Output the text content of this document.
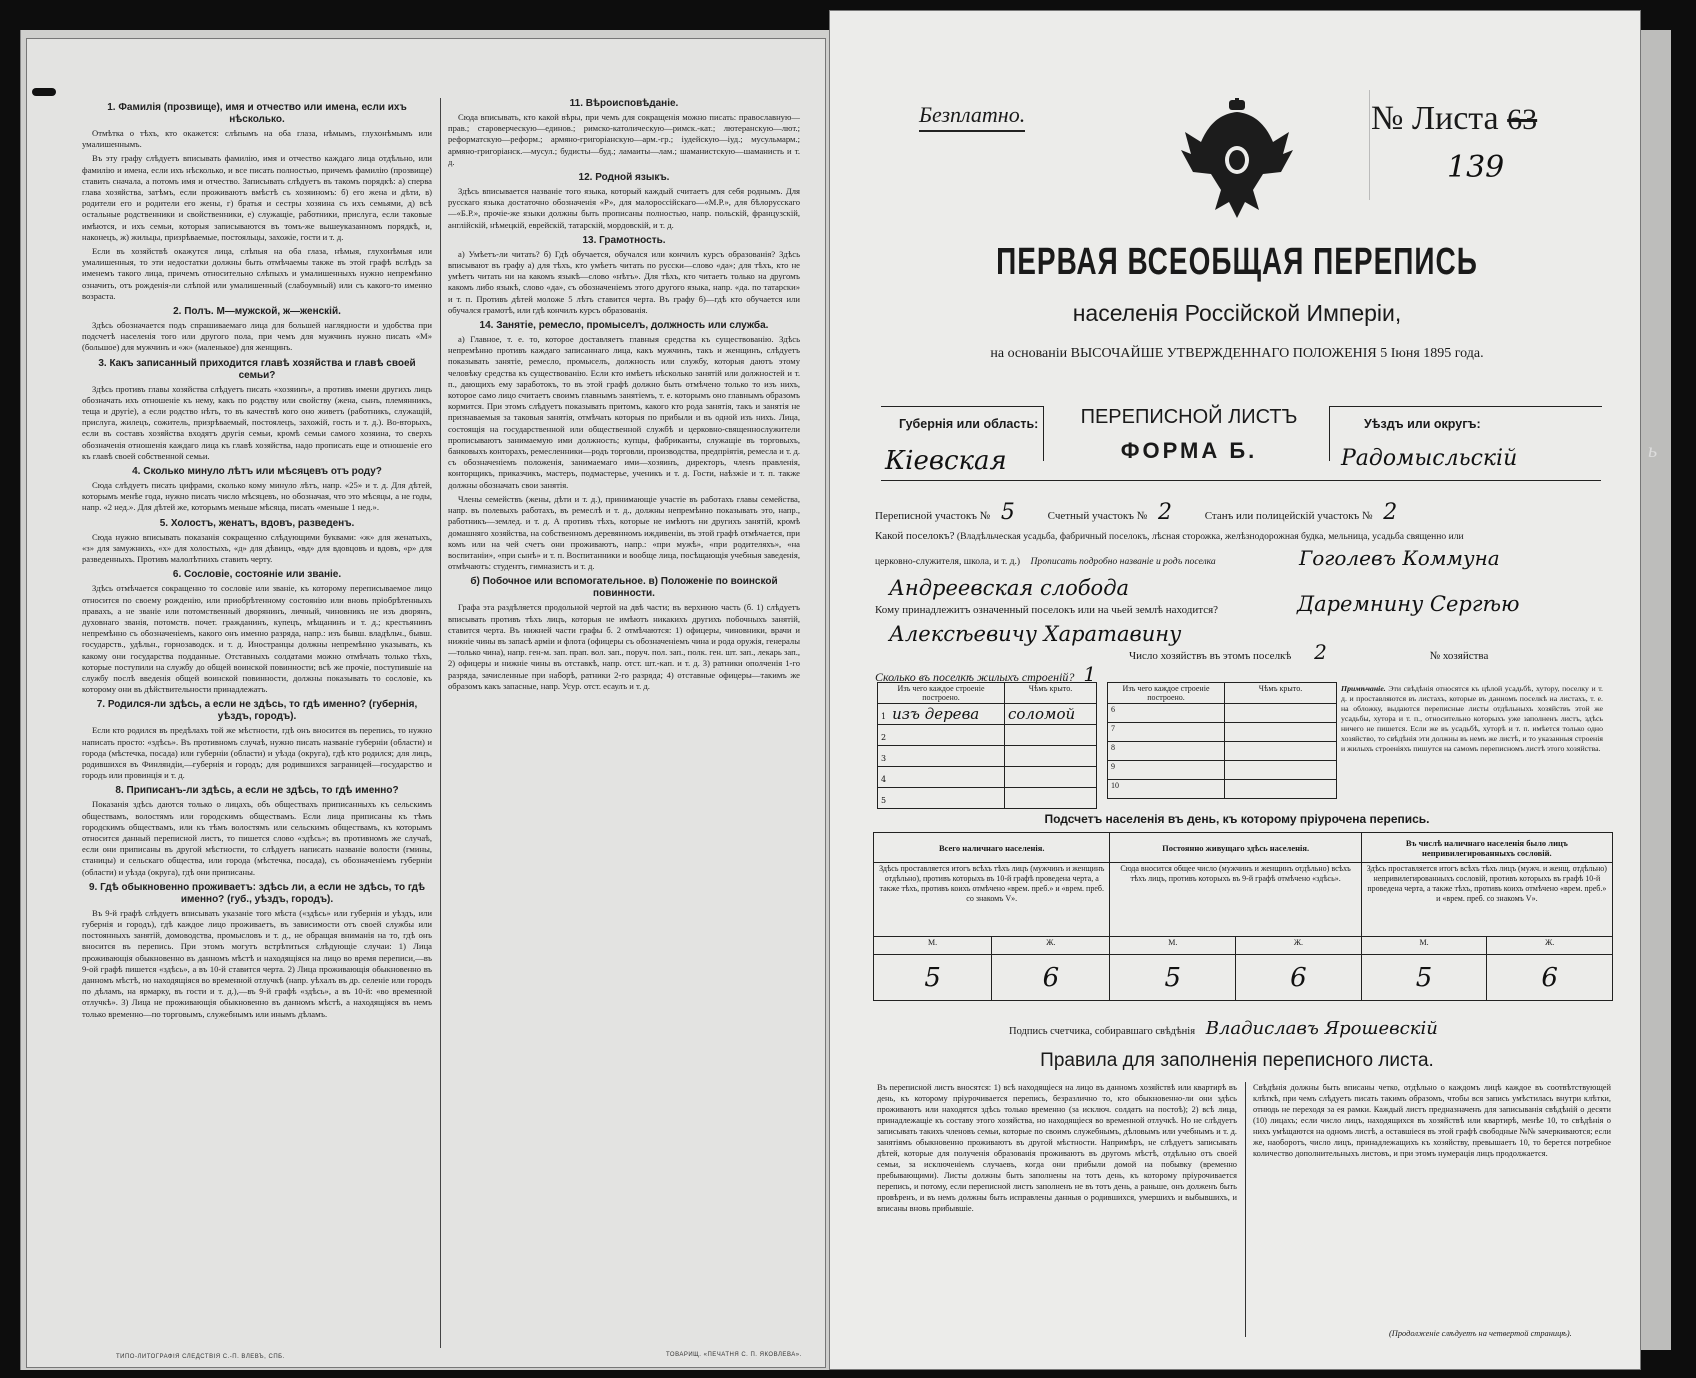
1. Фамилія (прозвище), имя и отчество или имена, если ихъ нѣсколько.

Отмѣтка о тѣхъ, кто окажется: слѣпымъ на оба глаза, нѣмымъ, глухонѣмымъ или умалишеннымъ.

Въ эту графу слѣдуетъ вписывать фамилію, имя и отчество каждаго лица отдѣльно, или фамилію и имена, если ихъ нѣсколько, и все писать полностью, причемъ фамилію (прозвище) ставить сначала, а потомъ имя и отчество. Записывать слѣдуетъ въ такомъ порядкѣ: а) сперва глава хозяйства, затѣмъ, если проживаютъ вмѣстѣ съ хозяиномъ: б) его жена и дѣти, в) родители его и родители его жены, г) братья и сестры хозяина съ ихъ семьями, д) всѣ остальные родственники и свойственники, е) служащіе, работники, прислуга, если таковые имѣются, и ихъ семьи, которыя записываются въ томъ-же вышеуказанномъ порядкѣ, и, наконецъ, ж) жильцы, призрѣваемые, постояльцы, захожіе, гости и т. д.

Если въ хозяйствѣ окажутся лица, слѣпыя на оба глаза, нѣмыя, глухонѣмыя или умалишенныя, то эти недостатки должны быть отмѣчаемы также въ этой графѣ вслѣдъ за именемъ такого лица, причемъ относительно слѣпыхъ и умалишенныхъ нужно непремѣнно означить, отъ рожденія-ли слѣпой или умалишенный (слабоумный) или съ какого-то именно возраста.

2. Полъ. М—мужской, ж—женскій.

Здѣсь обозначается подъ спрашиваемаго лица для большей наглядности и удобства при подсчетѣ населенія того или другого пола, при чемъ для мужчинъ нужно писать «М» (большое) для мужчинъ и «ж» (маленькое) для женщинъ.

3. Какъ записанный приходится главѣ хозяйства и главѣ своей семьи?

Здѣсь противъ главы хозяйства слѣдуетъ писать «хозяинъ», а противъ имени другихъ лицъ обозначать ихъ отношеніе къ нему, какъ по родству или свойству (жена, сынъ, племянникъ, теща и другіе), а если родство нѣтъ, то въ качествѣ кого оно живетъ (работникъ, служащій, прислуга, жилецъ, сожитель, призрѣваемый, постоялецъ, захожій, гость и т. д.). Во-вторыхъ, если въ составъ хозяйства входятъ другія семьи, кромѣ семьи самого хозяина, то сверхъ обозначенія отношенія каждаго лица къ главѣ хозяйства, надо прописать еще и отношеніе его къ главѣ своей собственной семьи.

4. Сколько минуло лѣтъ или мѣсяцевъ отъ роду?

Сюда слѣдуетъ писать цифрами, сколько кому минуло лѣтъ, напр. «25» и т. д. Для дѣтей, которымъ менѣе года, нужно писать число мѣсяцевъ, но обозначая, что это мѣсяцы, а не годы, напр. «2 нед.». Для дѣтей же, которымъ меньше мѣсяца, писать «меньше 1 нед.».

5. Холостъ, женатъ, вдовъ, разведенъ.

Сюда нужно вписывать показанія сокращенно слѣдующими буквами: «ж» для женатыхъ, «з» для замужнихъ, «х» для холостыхъ, «д» для дѣвицъ, «вд» для вдовцовъ и вдовъ, «р» для разведенныхъ. Противъ малолѣтнихъ ставить черту.

6. Сословіе, состояніе или званіе.

Здѣсь отмѣчается сокращенно то сословіе или званіе, къ которому переписываемое лицо относится по своему рожденію, или приобрѣтенному состоянію или вновь пріобрѣтенныхъ правахъ, а не званіе или потомственный дворянинъ, личный, чиновникъ не изъ дворянъ, духовнаго званія, потомств. почет. гражданинъ, купецъ, мѣщанинъ и т. д.; крестьянинъ непремѣнно съ обозначеніемъ, какого онъ именно разряда, напр.: изъ бывш. владѣльч., бывш. государств., удѣльн., горнозаводск. и т. д. Иностранцы должны непремѣнно указывать, къ какому они государства подданные. Отставныхъ солдатами можно отмѣчать только тѣхъ, которые поступили на службу до общей воинской повинности; всѣ же прочіе, поступившіе на службу послѣ введенія общей воинской повинности, должны показывать то сословіе, къ которому они въ дѣйствительности принадлежатъ.

7. Родился-ли здѣсь, а если не здѣсь, то гдѣ именно? (губернія, уѣздъ, городъ).

Если кто родился въ предѣлахъ той же мѣстности, гдѣ онъ вносится въ перепись, то нужно написать просто: «здѣсь». Въ противномъ случаѣ, нужно писать названіе губерніи (области) и города (мѣстечка, посада) или губерніи (области) и уѣзда (округа), гдѣ кто родился; для лицъ, родившихся въ Финляндіи,—губернія и городъ; для родившихся заграницей—государство и городъ или провинція и т. д.

8. Приписанъ-ли здѣсь, а если не здѣсь, то гдѣ именно?

Показанія здѣсь даются только о лицахъ, объ обществахъ приписанныхъ къ сельскимъ обществамъ, волостямъ или городскимъ обществамъ. Если лица приписаны къ тѣмъ городскимъ обществамъ, или къ тѣмъ волостямъ или сельскимъ обществамъ, къ которымъ относится данный переписной листъ, то пишется слово «здѣсь»; въ противномъ же случаѣ, если они приписаны въ другой мѣстности, то слѣдуетъ написать названіе волости (гмины, станицы) и сельскаго общества, или города (мѣстечка, посада), съ обозначеніемъ губерніи (области) и уѣзда (округа), гдѣ они приписаны.

9. Гдѣ обыкновенно проживаетъ: здѣсь ли, а если не здѣсь, то гдѣ именно? (губ., уѣздъ, городъ).

Въ 9-й графѣ слѣдуетъ вписывать указаніе того мѣста («здѣсь» или губернія и уѣздъ, или губернія и городъ), гдѣ каждое лицо проживаетъ, въ зависимости отъ своей службы или постоянныхъ занятій, домоводства, промысловъ и т. д., не обращая вниманія на то, гдѣ онъ вносится въ перепись. При этомъ могутъ встрѣтиться слѣдующіе случаи: 1) Лица проживающія обыкновенно въ данномъ мѣстѣ и находящіяся на лицо во время переписи,—въ 9-ой графѣ пишется «здѣсь», а въ 10-й ставится черта. 2) Лица проживающія обыкновенно въ данномъ мѣстѣ, но находящіяся во временной отлучкѣ (напр. уѣхалъ въ др. селеніе или городъ по дѣламъ, на ярмарку, въ гости и т. д.),—въ 9-й графѣ «здѣсь», а въ 10-й: «во временной отлучкѣ». 3) Лица не проживающія обыкновенно въ данномъ мѣстѣ, а находящіяся въ немъ только временно—по торговымъ, служебнымъ или инымъ дѣламъ.

11. Вѣроисповѣданіе.

Сюда вписывать, кто какой вѣры, при чемъ для сокращенія можно писать: православную—прав.; староверческую—единов.; римско-католическую—римск.-кат.; лютеранскую—лют.; реформатскую—реформ.; армяно-григоріанскую—арм.-гр.; іудейскую—іуд.; мусульмарм.; армяно-григоріанск.—мусул.; будисты—буд.; ламаиты—лам.; шаманистскую—шаманисть и т. д.

12. Родной языкъ.

Здѣсь вписывается названіе того языка, который каждый считаетъ для себя роднымъ. Для русскаго языка достаточно обозначенія «Р», для малороссійскаго—«М.Р.», для бѣлорусскаго—«Б.Р.», прочіе-же языки должны быть прописаны полностью, напр. польскій, французскій, англійскій, нѣмецкій, еврейскій, татарскій, мордовскій, и т. д.

13. Грамотность.

а) Умѣетъ-ли читать? б) Гдѣ обучается, обучался или кончилъ курсъ образованія? Здѣсь вписывают въ графу а) для тѣхъ, кто умѣетъ читать по русски—слово «да»; для тѣхъ, кто не умѣетъ читать ни на какомъ языкѣ—слово «нѣтъ». Для тѣхъ, кто читаетъ только на другомъ какомъ либо языкѣ, слово «да», съ обозначеніемъ этого другого языка, напр. «да. по татарски» и т. п. Противъ дѣтей моложе 5 лѣтъ ставится черта. Въ графу б)—гдѣ кто обучается или обучался грамотѣ, или гдѣ кончилъ курсъ образованія.

14. Занятіе, ремесло, промыселъ, должность или служба.

а) Главное, т. е. то, которое доставляетъ главныя средства къ существованію. Здѣсь непремѣнно противъ каждаго записаннаго лица, какъ мужчинъ, такъ и женщинъ, слѣдуетъ показывать занятіе, ремесло, промыселъ, должность или службу, которыя даютъ этому человѣку средства къ существованію. Если кто имѣетъ нѣсколько занятій или должностей и т. п., дающихъ ему заработокъ, то въ этой графѣ должно быть отмѣчено только то изъ нихъ, которое само лицо считаетъ своимъ главнымъ занятіемъ, т. е. которымъ оно главнымъ образомъ кормится. При этомъ слѣдуетъ показывать притомъ, какого кто рода занятія, такъ и занятія не признаваемыя за таковыя занятія, отмѣчать которыя по прибыли и въ одной изъ нихъ. Лица, состоящія на государственной или общественной службѣ и церковно-священнослужители прописываютъ занимаемую ими должность; купцы, фабриканты, служащіе въ торговыхъ, банковыхъ конторахъ, ремесленники—родъ торговли, производства, предпріятія, ремесла и т. д. съ обозначеніемъ положенія, занимаемаго ими—хозяинъ, директоръ, членъ правленія, конторщикъ, приказчикъ, мастеръ, подмастерье, ученикъ и т. д. Гости, наѣзжіе и т. п. также должны обозначать свои занятія.

Члены семействъ (жены, дѣти и т. д.), принимающіе участіе въ работахъ главы семейства, напр. въ полевыхъ работахъ, въ ремеслѣ и т. д., должны непремѣнно показывать это, напр., работникъ—землед. и т. д. А противъ тѣхъ, которые не имѣютъ ни другихъ занятій, кромѣ домашняго хозяйства, на собственномъ деревянномъ иждивеніи, въ этой графѣ отмѣчается, при комъ или на чей счетъ они проживаютъ, напр.: «при мужѣ», «при родителяхъ», «на воспитаніи», «при сынѣ» и т. п. Воспитанники и вообще лица, посѣщающія учебныя заведенія, отмѣчаютъ: студентъ, гимназистъ и т. д.

б) Побочное или вспомогательное. в) Положеніе по воинской повинности.

Графа эта раздѣляется продольной чертой на двѣ части; въ верхнюю часть (б. 1) слѣдуетъ вписывать противъ тѣхъ лицъ, которыя не имѣютъ никакихъ другихъ побочныхъ занятій, ставится черта. Въ нижней части графы б. 2 отмѣчаются: 1) офицеры, чиновники, врачи и нижніе чины въ запасѣ арміи и флота (офицеры съ обозначеніемъ чина и рода оружія, генералы—только чина), напр. ген-м. зап. прап. вол. зап., поруч. пол. зап., полк. ген. шт. зап., лекарь зап., 2) офицеры и нижніе чины въ отставкѣ, напр. отст. шт.-кап. и т. д. 3) ратники ополченія 1-го разряда, зачисленные при наборѣ, ратники 2-го разряда; 4) отставные офицеры—такимъ же образомъ какъ запасные, напр. Усур. отст. есаулъ и т. д.

ТИПО-ЛИТОГРАФІЯ СЛЕДСТВІЯ С.-П. ВЛЕВЪ, СПБ.	ТОВАРИЩ. «ПЕЧАТНЯ С. П. ЯКОВЛЕВА».
Безплатно.	№ Листа 63
139
ПЕРВАЯ ВСЕОБЩАЯ ПЕРЕПИСЬ
населенія Россійской Имперіи,
на основаніи ВЫСОЧАЙШЕ УТВЕРЖДЕННАГО ПОЛОЖЕНІЯ 5 Іюня 1895 года.
Губернія или область:
Кіевская
ПЕРЕПИСНОЙ ЛИСТЪ
ФОРМА Б.
Уѣздъ или округъ:
Радомысльскій
Переписной участокъ № 5	Счетный участокъ № 2	Станъ или полицейскій участокъ № 2
Какой поселокъ? (Владѣльческая усадьба, фабричный поселокъ, лѣсная сторожка, желѣзнодорожная будка, мельница, усадьба священно или
церковно-служителя, школа, и т. д.) Прописать подробно названіе и родъ поселка	Гоголевъ Коммуна
Андреевская слобода
Кому принадлежитъ означенный поселокъ или на чьей землѣ находится?	Даремнину Сергѣю
Алексѣевичу Харатавину
Число хозяйствъ въ этомъ поселкѣ 2	№ хозяйства
Сколько въ поселкѣ жилыхъ строеній? 1
Изъ чего каждое строеніе построено.	Чѣмъ крыто.
1 изъ дерева	соломой
2	
3	
4	
5	
Изъ чего каждое строеніе построено.	Чѣмъ крыто.
6	
7	
8	
9	
10	
Примѣчаніе. Эти свѣдѣнія относятся къ цѣлой усадьбѣ, хутору, поселку и т. д. и проставляются въ листахъ, которые въ данномъ поселкѣ на листахъ, т. е. на обложку, выдаются переписные листы отдѣльныхъ хозяйствъ этой же усадьбы, хутора и т. п., относительно которыхъ уже заполненъ листъ, здѣсь ничего не пишется. Если же въ усадьбѣ, хуторѣ и т. п. имѣется только одно хозяйство, то свѣдѣнія эти должны въ немъ же листѣ, и то указанныя строенія и жилыхъ строеніяхъ пишутся на самомъ переписномъ листѣ этого хозяйства.
Подсчетъ населенія въ день, къ которому пріурочена перепись.
Всего наличнаго населенія.		Постоянно живущаго здѣсь населенія.		Въ числѣ наличнаго населенія было лицъ непривилегированныхъ сословій.	
Здѣсь проставляется итогъ всѣхъ тѣхъ лицъ (мужчинъ и женщинъ отдѣльно), противъ которыхъ въ 10-й графѣ проведена черта, а также тѣхъ, противъ коихъ отмѣчено «врем. преб.» и «врем. преб. со знакомъ V».		Сюда вносится общее число (мужчинъ и женщинъ отдѣльно) всѣхъ тѣхъ лицъ, противъ которыхъ въ 9-й графѣ отмѣчено «здѣсь».		Здѣсь проставляется итогъ всѣхъ тѣхъ лицъ (мужч. и женщ. отдѣльно) непривилегированныхъ сословій, противъ которыхъ въ графѣ 10-й проведена черта, а также тѣхъ, противъ коихъ отмѣчено «врем. преб.» и «врем. преб. со знакомъ V».	
М.	Ж.	М.	Ж.	М.	Ж.
5	6	5	6	5	6
Подпись счетчика, собиравшаго свѣдѣнія Владиславъ Ярошевскій
Правила для заполненія переписного листа.
Въ переписной листъ вносятся: 1) всѣ находящіеся на лицо въ данномъ хозяйствѣ или квартирѣ въ день, къ которому пріурочивается перепись, безразлично то, кто обыкновенно-ли они здѣсь проживаютъ или находятся здѣсь только временно (за исключ. солдатъ на постоѣ); 2) всѣ лица, принадлежащіе къ составу этого хозяйства, но находящіеся во временной отлучкѣ. Но не слѣдуетъ записывать такихъ членовъ семьи, которые по своимъ служебнымъ, дѣловымъ или учебнымъ и т. д. занятіямъ обыкновенно проживаютъ въ другой мѣстности. Напримѣръ, не слѣдуетъ записывать дѣтей, которые для полученія образованія проживаютъ въ другомъ мѣстѣ, отдѣльно отъ своей семьи, за исключеніемъ случаевъ, когда они прибыли домой на побывку (временно пребывающими). Листы должны быть заполнены на тотъ день, къ которому пріурочивается перепись, и потому, если переписной листъ заполненъ не въ тотъ день, а раньше, онъ долженъ быть провѣренъ, и въ немъ должны быть исправлены данныя о родившихся, умершихъ и выбывшихъ, и вписаны вновь прибывшіе.
Свѣдѣнія должны быть вписаны четко, отдѣльно о каждомъ лицѣ каждое въ соотвѣтствующей клѣткѣ, при чемъ слѣдуетъ писать такимъ образомъ, чтобы вся запись умѣстилась внутри клѣтки, отнюдь не переходя за ея рамки. Каждый листъ предназначенъ для записыванія свѣдѣній о десяти (10) лицахъ; если число лицъ, находящихся въ хозяйствѣ или квартирѣ, менѣе 10, то свѣдѣнія о нихъ умѣщаются на одномъ листѣ, а оставшіеся въ этой графѣ свободные №№ зачеркиваются; если же, наоборотъ, число лицъ, принадлежащихъ къ хозяйству, превышаетъ 10, то берется потребное количество дополнительныхъ листовъ, и при этомъ нумерація лицъ продолжается.
(Продолженіе слѣдуетъ на четвертой страницѣ).
ь
